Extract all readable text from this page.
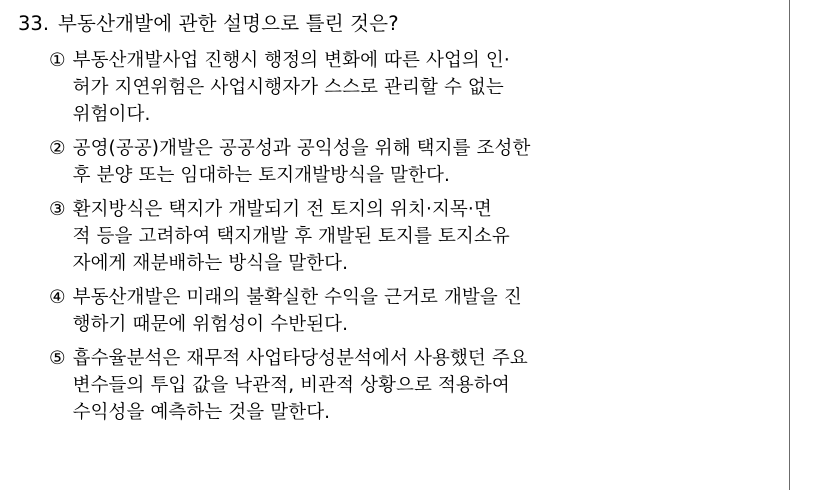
33. 부동산개발에 관한 설명으로 틀린 것은?
① 부동산개발사업 진행시 행정의 변화에 따른 사업의 인·
허가 지연위험은 사업시행자가 스스로 관리할 수 없는
위험이다.
② 공영(공공)개발은 공공성과 공익성을 위해 택지를 조성한
후 분양 또는 임대하는 토지개발방식을 말한다.
③ 환지방식은 택지가 개발되기 전 토지의 위치·지목·면
적 등을 고려하여 택지개발 후 개발된 토지를 토지소유
자에게 재분배하는 방식을 말한다.
④ 부동산개발은 미래의 불확실한 수익을 근거로 개발을 진
행하기 때문에 위험성이 수반된다.
⑤ 흡수율분석은 재무적 사업타당성분석에서 사용했던 주요
변수들의 투입 값을 낙관적, 비관적 상황으로 적용하여
수익성을 예측하는 것을 말한다.
